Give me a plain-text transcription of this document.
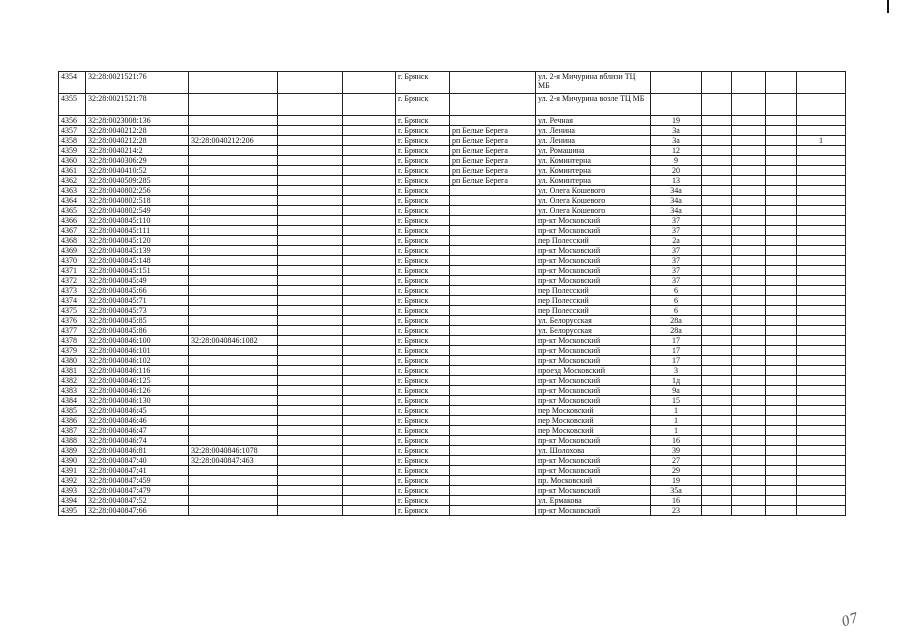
4354	32:28:0021521:76				г. Брянск		ул. 2-я Мичурина вблизи ТЦ МБ					
4355	32:28:0021521:78				г. Брянск		ул. 2-я Мичурина возле ТЦ МБ					
4356	32:28:0023008:136				г. Брянск		ул. Речная	19				
4357	32:28:0040212:28				г. Брянск	рп Белые Берега	ул. Ленина	3а				
4358	32:28:0040212:28	32:28:0040212:206			г. Брянск	рп Белые Берега	ул. Ленина	3а				1
4359	32:28:0040214:2				г. Брянск	рп Белые Берега	ул. Ромашина	12				
4360	32:28:0040306:29				г. Брянск	рп Белые Берега	ул. Коминтерна	9				
4361	32:28:0040410:52				г. Брянск	рп Белые Берега	ул. Коминтерна	20				
4362	32:28:0040509:285				г. Брянск	рп Белые Берега	ул. Коминтерна	13				
4363	32:28:0040802:256				г. Брянск		ул. Олега Кошевого	34а				
4364	32:28:0040802:518				г. Брянск		ул. Олега Кошевого	34а				
4365	32:28:0040802:549				г. Брянск		ул. Олега Кошевого	34а				
4366	32:28:0040845:110				г. Брянск		пр-кт Московский	37				
4367	32:28:0040845:111				г. Брянск		пр-кт Московский	37				
4368	32:28:0040845:120				г. Брянск		пер Полесский	2а				
4369	32:28:0040845:139				г. Брянск		пр-кт Московский	37				
4370	32:28:0040845:148				г. Брянск		пр-кт Московский	37				
4371	32:28:0040845:151				г. Брянск		пр-кт Московский	37				
4372	32:28:0040845:49				г. Брянск		пр-кт Московский	37				
4373	32:28:0040845:66				г. Брянск		пер Полесский	6				
4374	32:28:0040845:71				г. Брянск		пер Полесский	6				
4375	32:28:0040845:73				г. Брянск		пер Полесский	6				
4376	32:28:0040845:85				г. Брянск		ул. Белорусская	28а				
4377	32:28:0040845:86				г. Брянск		ул. Белорусская	28а				
4378	32:28:0040846:100	32:28:0040846:1082			г. Брянск		пр-кт Московский	17				
4379	32:28:0040846:101				г. Брянск		пр-кт Московский	17				
4380	32:28:0040846:102				г. Брянск		пр-кт Московский	17				
4381	32:28:0040846:116				г. Брянск		проезд Московский	3				
4382	32:28:0040846:125				г. Брянск		пр-кт Московский	1д				
4383	32:28:0040846:126				г. Брянск		пр-кт Московский	9а				
4384	32:28:0040846:130				г. Брянск		пр-кт Московский	15				
4385	32:28:0040846:45				г. Брянск		пер Московский	1				
4386	32:28:0040846:46				г. Брянск		пер Московский	1				
4387	32:28:0040846:47				г. Брянск		пер Московский	1				
4388	32:28:0040846:74				г. Брянск		пр-кт Московский	16				
4389	32:28:0040846:81	32:28:0040846:1078			г. Брянск		ул. Шолохова	39				
4390	32:28:0040847:40	32:28:0040847:463			г. Брянск		пр-кт Московский	27				
4391	32:28:0040847:41				г. Брянск		пр-кт Московский	29				
4392	32:28:0040847:459				г. Брянск		пр. Московский	19				
4393	32:28:0040847:479				г. Брянск		пр-кт Московский	35а				
4394	32:28:0040847:52				г. Брянск		ул. Ермакова	16				
4395	32:28:0040847:66				г. Брянск		пр-кт Московский	23				
07
